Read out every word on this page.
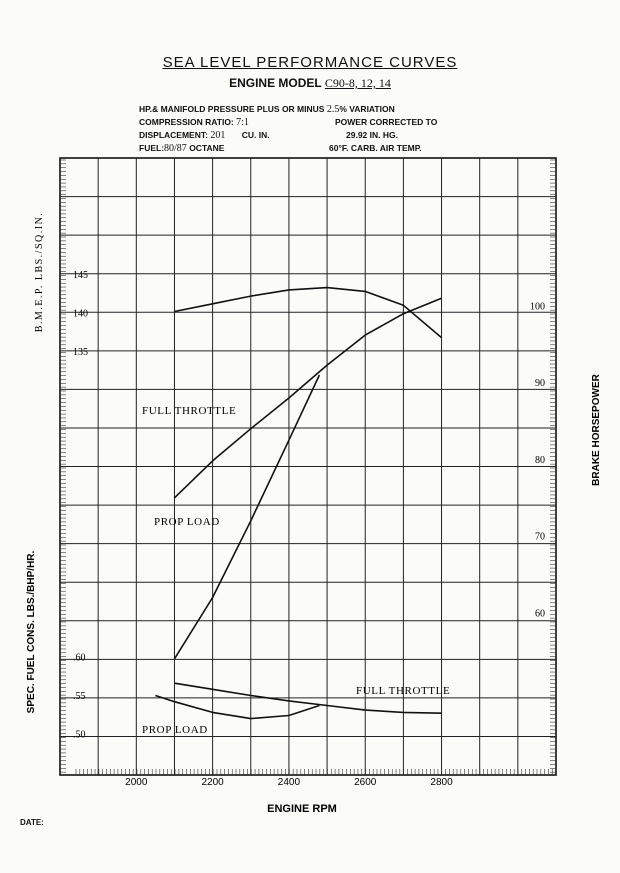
SEA LEVEL PERFORMANCE CURVES
ENGINE MODEL C90-8, 12, 14
HP.& MANIFOLD PRESSURE PLUS OR MINUS 2.5% VARIATION
COMPRESSION RATIO: 7:1
DISPLACEMENT: 201 CU. IN.
FUEL:80/87 OCTANE
POWER CORRECTED TO
29.92 IN. HG.
60°F. CARB. AIR TEMP.
2000	2200	2400	2600	2800
135
140
145
.50
.55
.60
60
70
80
90
100
ENGINE RPM
B.M.E.P. LBS./SQ.IN.
SPEC. FUEL CONS. LBS./BHP/HR.
BRAKE HORSEPOWER
FULL THROTTLE
PROP LOAD
FULL THROTTLE
PROP LOAD
DATE:
